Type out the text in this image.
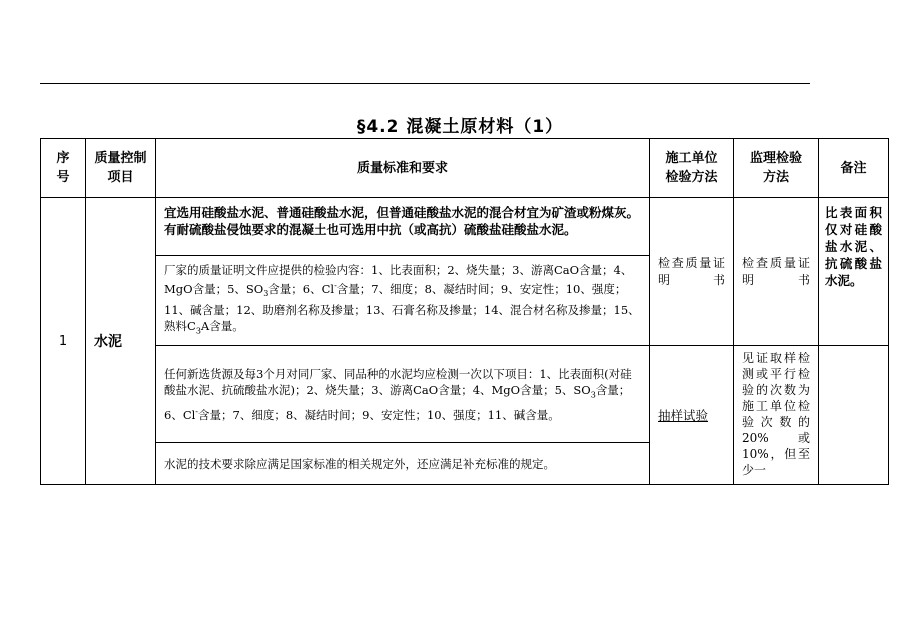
§4.2 混凝土原材料（1）
序号	质量控制项目	质量标准和要求	施工单位检验方法	监理检验方法	备注
1	水泥	宜选用硅酸盐水泥、普通硅酸盐水泥，但普通硅酸盐水泥的混合材宜为矿渣或粉煤灰。有耐硫酸盐侵蚀要求的混凝土也可选用中抗（或高抗）硫酸盐硅酸盐水泥。	检查质量证明书	检查质量证明书	比表面积仅对硅酸盐水泥、抗硫酸盐水泥。
		厂家的质量证明文件应提供的检验内容：1、比表面积；2、烧失量；3、游离CaO含量；4、MgO含量；5、$SO_3$含量；6、Cl-含量；7、细度；8、凝结时间；9、安定性；10、强度；11、碱含量；12、助磨剂名称及掺量；13、石膏名称及掺量；14、混合材名称及掺量；15、熟料$C_3A$含量。			
		任何新选货源及每3个月对同厂家、同品种的水泥均应检测一次以下项目：1、比表面积(对硅酸盐水泥、抗硫酸盐水泥)；2、烧失量；3、游离CaO含量；4、MgO含量；5、$SO_3$含量；6、Cl-含量；7、细度；8、凝结时间；9、安定性；10、强度；11、碱含量。	抽样试验	见证取样检测或平行检验的次数为施工单位检验次数的20%或10%，但至少一	
		水泥的技术要求除应满足国家标准的相关规定外，还应满足补充标准的规定。			
